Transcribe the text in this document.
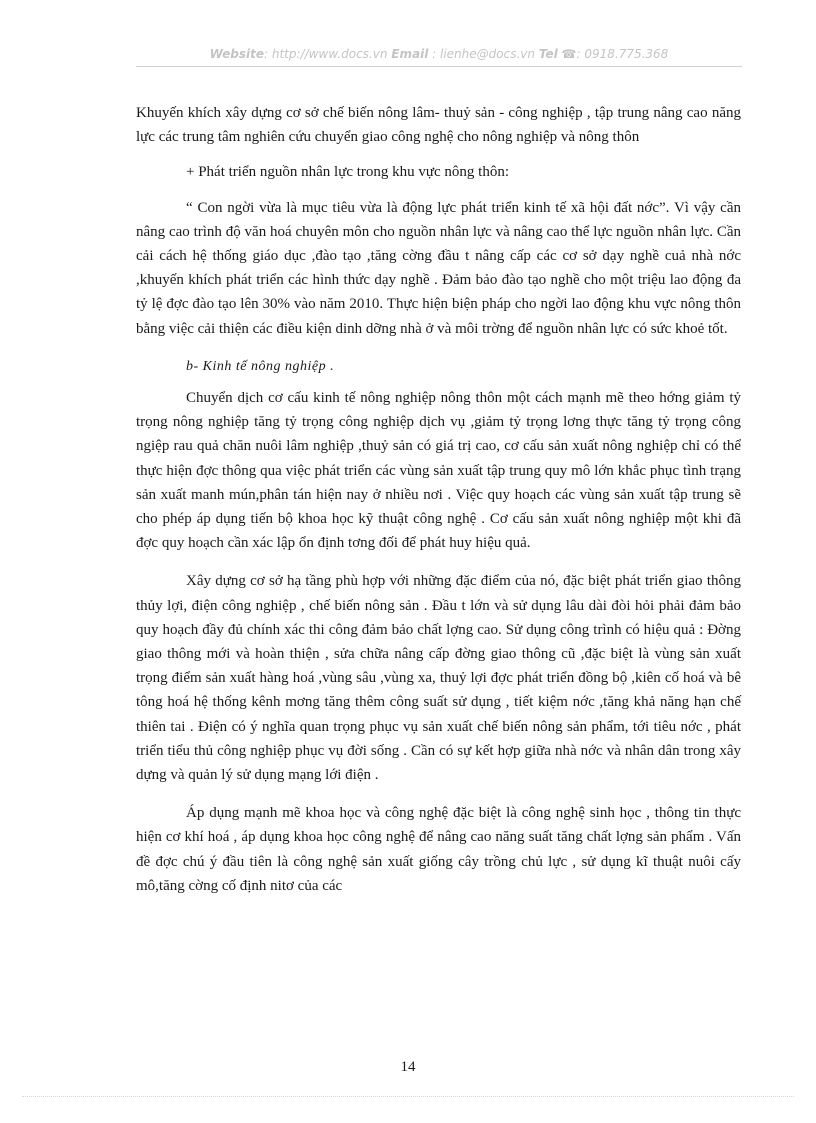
Website: http://www.docs.vn Email : lienhe@docs.vn Tel ☎: 0918.775.368

Khuyến khích xây dựng cơ sở chế biến nông lâm- thuỷ sản - công nghiệp , tập trung nâng cao năng lực các trung tâm nghiên cứu chuyển giao công nghệ cho nông nghiệp và nông thôn

+ Phát triển nguồn nhân lực trong khu vực nông thôn:

“ Con ngời vừa là mục tiêu vừa là động lực phát triển kinh tế xã hội đất nớc”. Vì vậy cần nâng cao trình độ văn hoá chuyên môn cho nguồn nhân lực và nâng cao thể lực nguồn nhân lực. Cần cải cách hệ thống giáo dục ,đào tạo ,tăng cờng đầu t nâng cấp các cơ sở dạy nghề cuả nhà nớc ,khuyến khích phát triển các hình thức dạy nghề . Đảm bảo đào tạo nghề cho một triệu lao động đa tỷ lệ đợc đào tạo lên 30% vào năm 2010. Thực hiện biện pháp cho ngời lao động khu vực nông thôn bằng việc cải thiện các điều kiện dinh dỡng nhà ở và môi trờng để nguồn nhân lực có sức khoẻ tốt.

b- Kinh tế nông nghiệp .

Chuyển dịch cơ cấu kinh tế nông nghiệp nông thôn một cách mạnh mẽ theo hớng giảm tỷ trọng nông nghiệp tăng tỷ trọng công nghiệp dịch vụ ,giảm tỷ trọng lơng thực tăng tỷ trọng công ngiệp rau quả chăn nuôi lâm nghiệp ,thuỷ sản có giá trị cao, cơ cấu sản xuất nông nghiệp chỉ có thể thực hiện đợc thông qua việc phát triển các vùng sản xuất tập trung quy mô lớn khắc phục tình trạng sản xuất manh mún,phân tán hiện nay ở nhiều nơi . Việc quy hoạch các vùng sản xuất tập trung sẽ cho phép áp dụng tiến bộ khoa học kỹ thuật công nghệ . Cơ cấu sản xuất nông nghiệp một khi đã đợc quy hoạch cần xác lập ổn định tơng đối để phát huy hiệu quả.

Xây dựng cơ sở hạ tầng phù hợp với những đặc điểm của nó, đặc biệt phát triển giao thông thủy lợi, điện công nghiệp , chế biến nông sản . Đầu t lớn và sử dụng lâu dài đòi hỏi phải đảm bảo quy hoạch đầy đủ chính xác thi công đảm bảo chất lợng cao. Sử dụng công trình có hiệu quả : Đờng giao thông mới và hoàn thiện , sửa chữa nâng cấp đờng giao thông cũ ,đặc biệt là vùng sản xuất trọng điểm sản xuất hàng hoá ,vùng sâu ,vùng xa, thuỷ lợi đợc phát triển đồng bộ ,kiên cố hoá và bê tông hoá hệ thống kênh mơng tăng thêm công suất sử dụng , tiết kiệm nớc ,tăng khả năng hạn chế thiên tai . Điện có ý nghĩa quan trọng phục vụ sản xuất chế biến nông sản phẩm, tới tiêu nớc , phát triển tiểu thủ công nghiệp phục vụ đời sống . Cần có sự kết hợp giữa nhà nớc và nhân dân trong xây dựng và quản lý sử dụng mạng lới điện .

Áp dụng mạnh mẽ khoa học và công nghệ đặc biệt là công nghệ sinh học , thông tin thực hiện cơ khí hoá , áp dụng khoa học công nghệ để nâng cao năng suất tăng chất lợng sản phẩm . Vấn đề đợc chú ý đầu tiên là công nghệ sản xuất giống cây trồng chủ lực , sử dụng kĩ thuật nuôi cấy mô,tăng cờng cố định nitơ của các

14
